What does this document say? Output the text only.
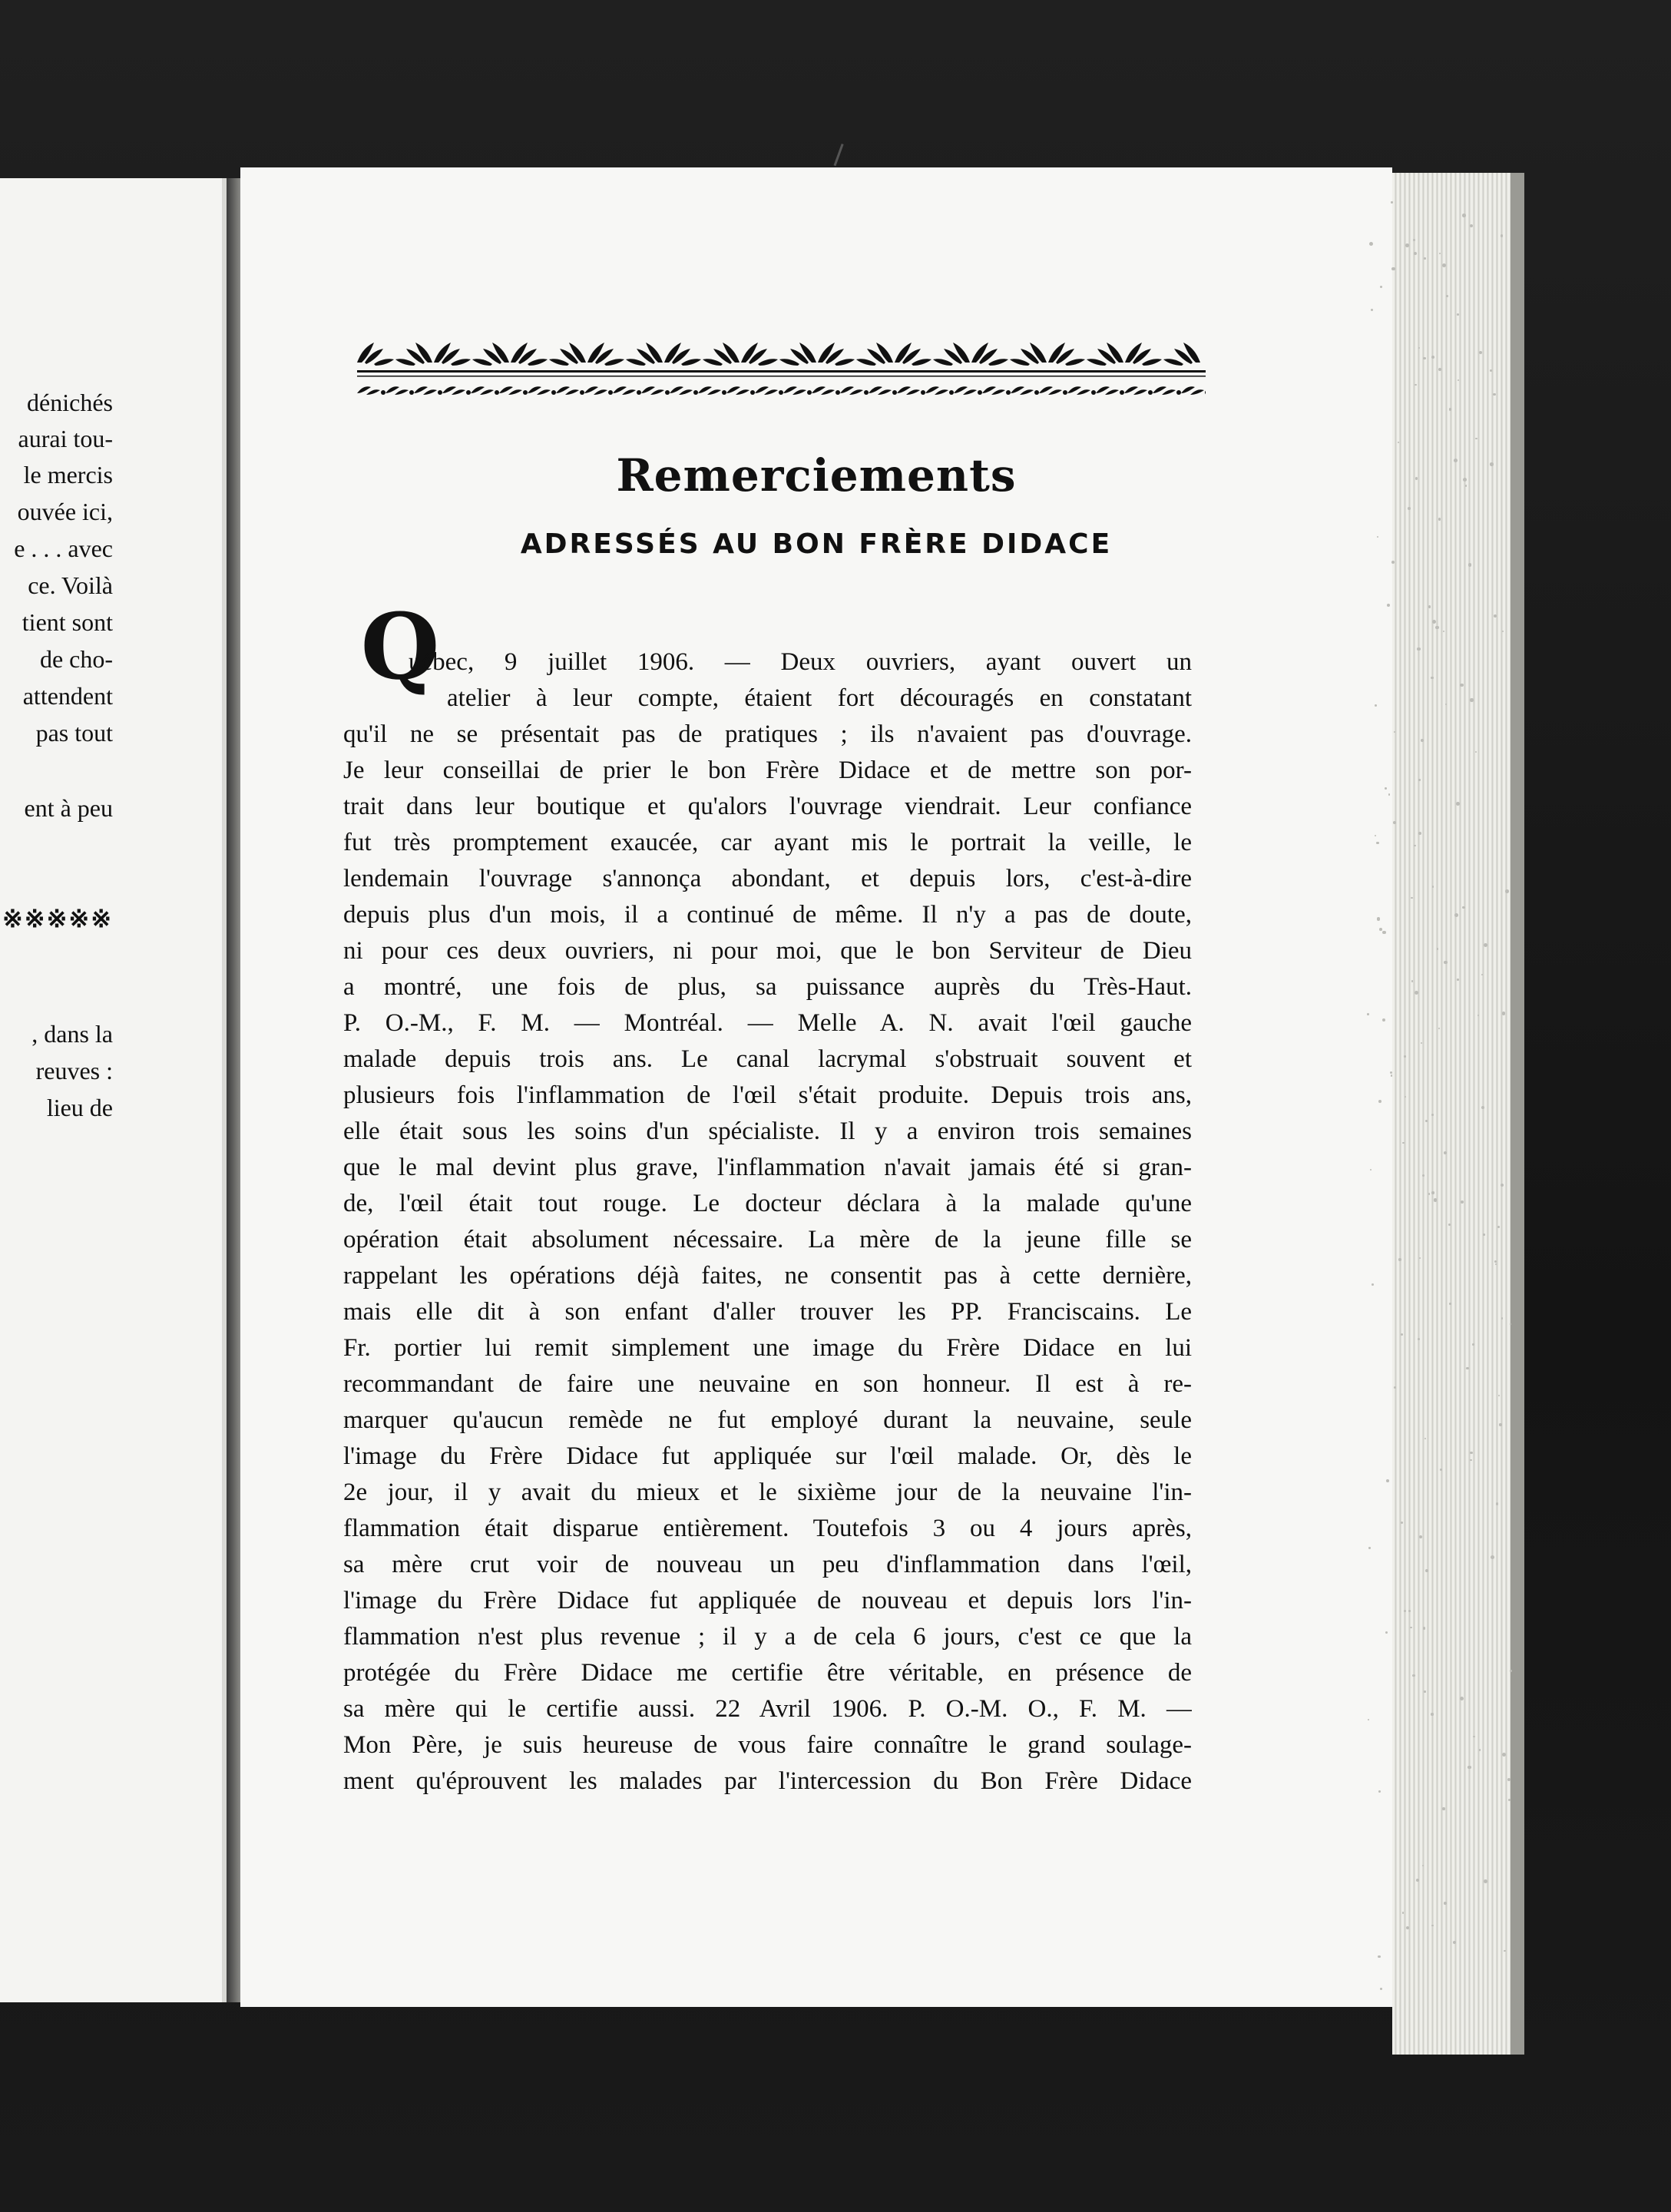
dénichés
aurai tou-
le mercis
ouvée ici,
e . . . avec
ce. Voilà
tient sont
de cho-
attendent
pas tout
ent à peu
※※※※※
, dans la
reuves :
lieu de
Remerciements
ADRESSÉS AU BON FRÈRE DIDACE
Q
uébec, 9 juillet 1906. — Deux ouvriers, ayant ouvert un
atelier à leur compte, étaient fort découragés en constatant
qu'il ne se présentait pas de pratiques ; ils n'avaient pas d'ouvrage.
Je leur conseillai de prier le bon Frère Didace et de mettre son por-
trait dans leur boutique et qu'alors l'ouvrage viendrait. Leur confiance
fut très promptement exaucée, car ayant mis le portrait la veille, le
lendemain l'ouvrage s'annonça abondant, et depuis lors, c'est-à-dire
depuis plus d'un mois, il a continué de même. Il n'y a pas de doute,
ni pour ces deux ouvriers, ni pour moi, que le bon Serviteur de Dieu
a montré, une fois de plus, sa puissance auprès du Très-Haut.
P. O.-M., F. M. — Montréal. — Melle A. N. avait l'œil gauche
malade depuis trois ans. Le canal lacrymal s'obstruait souvent et
plusieurs fois l'inflammation de l'œil s'était produite. Depuis trois ans,
elle était sous les soins d'un spécialiste. Il y a environ trois semaines
que le mal devint plus grave, l'inflammation n'avait jamais été si gran-
de, l'œil était tout rouge. Le docteur déclara à la malade qu'une
opération était absolument nécessaire. La mère de la jeune fille se
rappelant les opérations déjà faites, ne consentit pas à cette dernière,
mais elle dit à son enfant d'aller trouver les PP. Franciscains. Le
Fr. portier lui remit simplement une image du Frère Didace en lui
recommandant de faire une neuvaine en son honneur. Il est à re-
marquer qu'aucun remède ne fut employé durant la neuvaine, seule
l'image du Frère Didace fut appliquée sur l'œil malade. Or, dès le
2e jour, il y avait du mieux et le sixième jour de la neuvaine l'in-
flammation était disparue entièrement. Toutefois 3 ou 4 jours après,
sa mère crut voir de nouveau un peu d'inflammation dans l'œil,
l'image du Frère Didace fut appliquée de nouveau et depuis lors l'in-
flammation n'est plus revenue ; il y a de cela 6 jours, c'est ce que la
protégée du Frère Didace me certifie être véritable, en présence de
sa mère qui le certifie aussi. 22 Avril 1906. P. O.-M. O., F. M. —
Mon Père, je suis heureuse de vous faire connaître le grand soulage-
ment qu'éprouvent les malades par l'intercession du Bon Frère Didace
